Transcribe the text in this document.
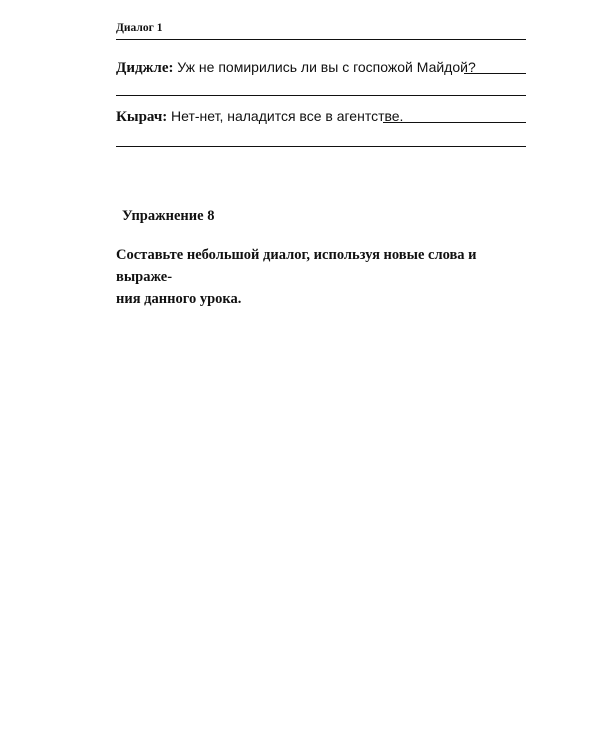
Диалог 1
Диджле: Уж не помирились ли вы с госпожой Майдой?
Кырач: Нет-нет, наладится все в агентстве.
Упражнение 8
Составьте небольшой диалог, используя новые слова и выраже-
ния данного урока.
